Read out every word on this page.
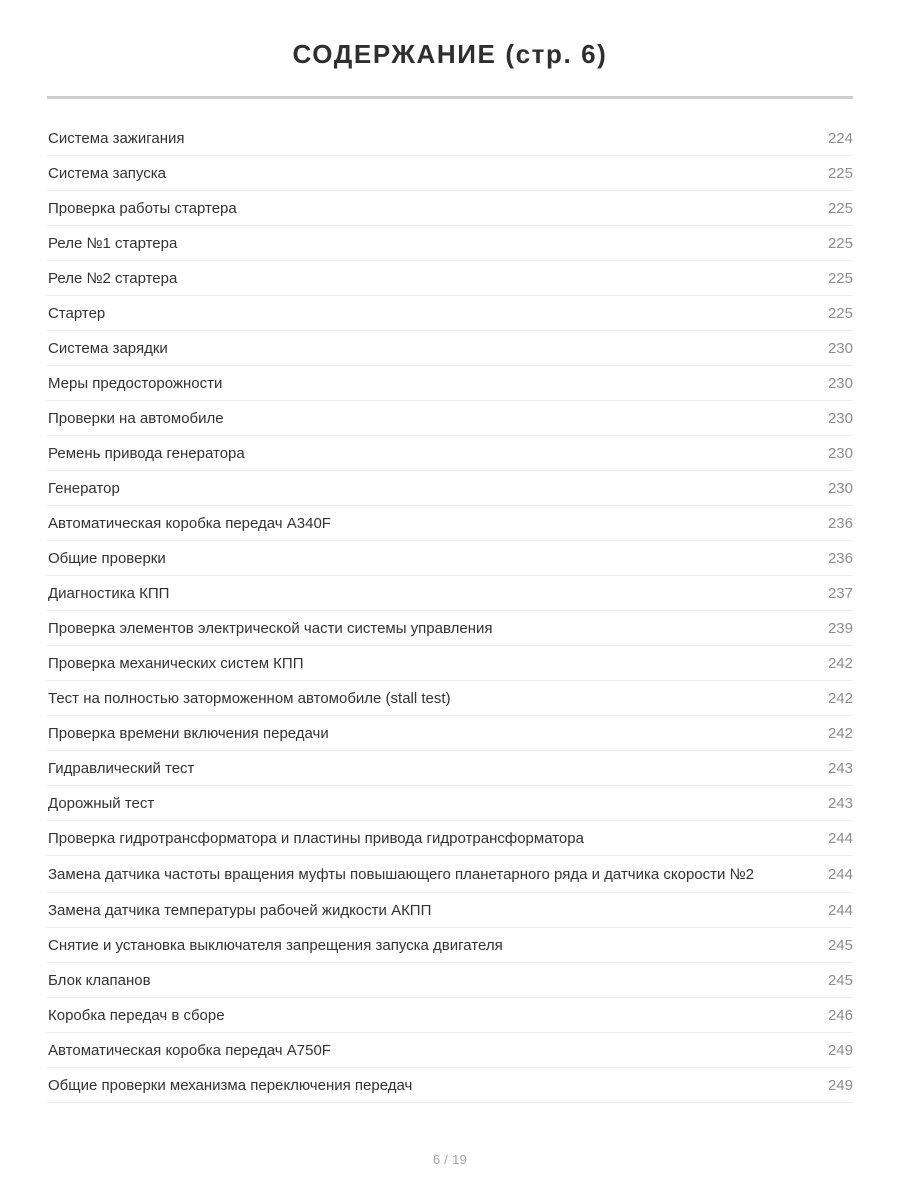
СОДЕРЖАНИЕ (стр. 6)
Система зажигания	224
Система запуска	225
Проверка работы стартера	225
Реле №1 стартера	225
Реле №2 стартера	225
Стартер	225
Система зарядки	230
Меры предосторожности	230
Проверки на автомобиле	230
Ремень привода генератора	230
Генератор	230
Автоматическая коробка передач A340F	236
Общие проверки	236
Диагностика КПП	237
Проверка элементов электрической части системы управления	239
Проверка механических систем КПП	242
Тест на полностью заторможенном автомобиле (stall test)	242
Проверка времени включения передачи	242
Гидравлический тест	243
Дорожный тест	243
Проверка гидротрансформатора и пластины привода гидротрансформатора	244
Замена датчика частоты вращения муфты повышающего планетарного ряда и датчика скорости №2	244
Замена датчика температуры рабочей жидкости АКПП	244
Снятие и установка выключателя запрещения запуска двигателя	245
Блок клапанов	245
Коробка передач в сборе	246
Автоматическая коробка передач A750F	249
Общие проверки механизма переключения передач	249
6 / 19
